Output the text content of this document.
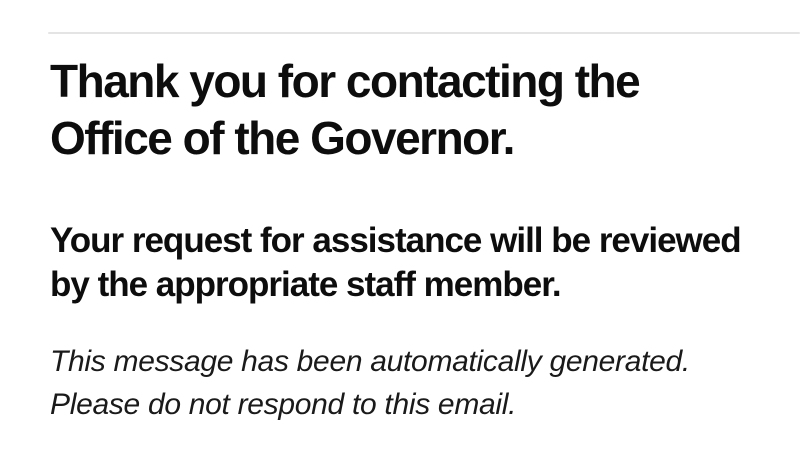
Thank you for contacting the
Office of the Governor.

Your request for assistance will be reviewed
by the appropriate staff member.

This message has been automatically generated.
Please do not respond to this email.
